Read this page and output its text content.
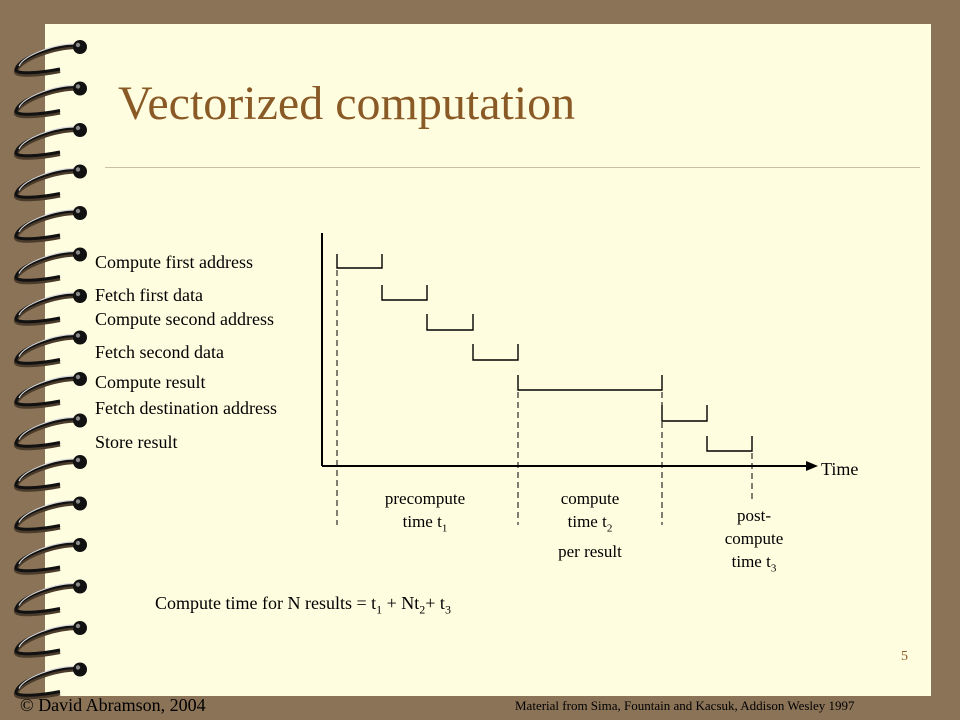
Vectorized computation
Compute first address
Fetch first data
Compute second address
Fetch second data
Compute result
Fetch destination address
Store result
Time
precompute
time $t_1$
compute
time $t_2$
per result
post-
compute
time $t_3$
Compute time for N results = $t_1 + Nt_2+ t_3$
5
© David Abramson, 2004	Material from Sima, Fountain and Kacsuk, Addison Wesley 1997
